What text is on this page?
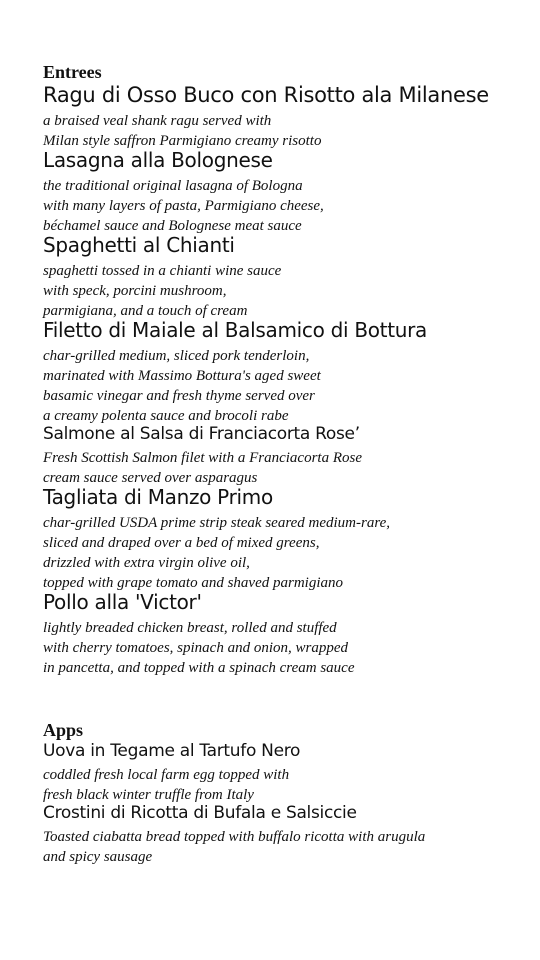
Entrees
Ragu di Osso Buco con Risotto ala Milanese

a braised veal shank ragu served with
Milan style saffron Parmigiano creamy risotto

Lasagna alla Bolognese

the traditional original lasagna of Bologna
with many layers of pasta, Parmigiano cheese,
béchamel sauce and Bolognese meat sauce

Spaghetti al Chianti

spaghetti tossed in a chianti wine sauce
with speck, porcini mushroom,
parmigiana, and a touch of cream

Filetto di Maiale al Balsamico di Bottura

char-grilled medium, sliced pork tenderloin,
marinated with Massimo Bottura's aged sweet
basamic vinegar and fresh thyme served over
a creamy polenta sauce and brocoli rabe

Salmone al Salsa di Franciacorta Rose’

Fresh Scottish Salmon filet with a Franciacorta Rose
cream sauce served over asparagus

Tagliata di Manzo Primo

char-grilled USDA prime strip steak seared medium-rare,
sliced and draped over a bed of mixed greens,
drizzled with extra virgin olive oil,
topped with grape tomato and shaved parmigiano

Pollo alla 'Victor'

lightly breaded chicken breast, rolled and stuffed
with cherry tomatoes, spinach and onion, wrapped
in pancetta, and topped with a spinach cream sauce

Apps
Uova in Tegame al Tartufo Nero

coddled fresh local farm egg topped with
fresh black winter truffle from Italy

Crostini di Ricotta di Bufala e Salsiccie

Toasted ciabatta bread topped with buffalo ricotta with arugula
and spicy sausage
